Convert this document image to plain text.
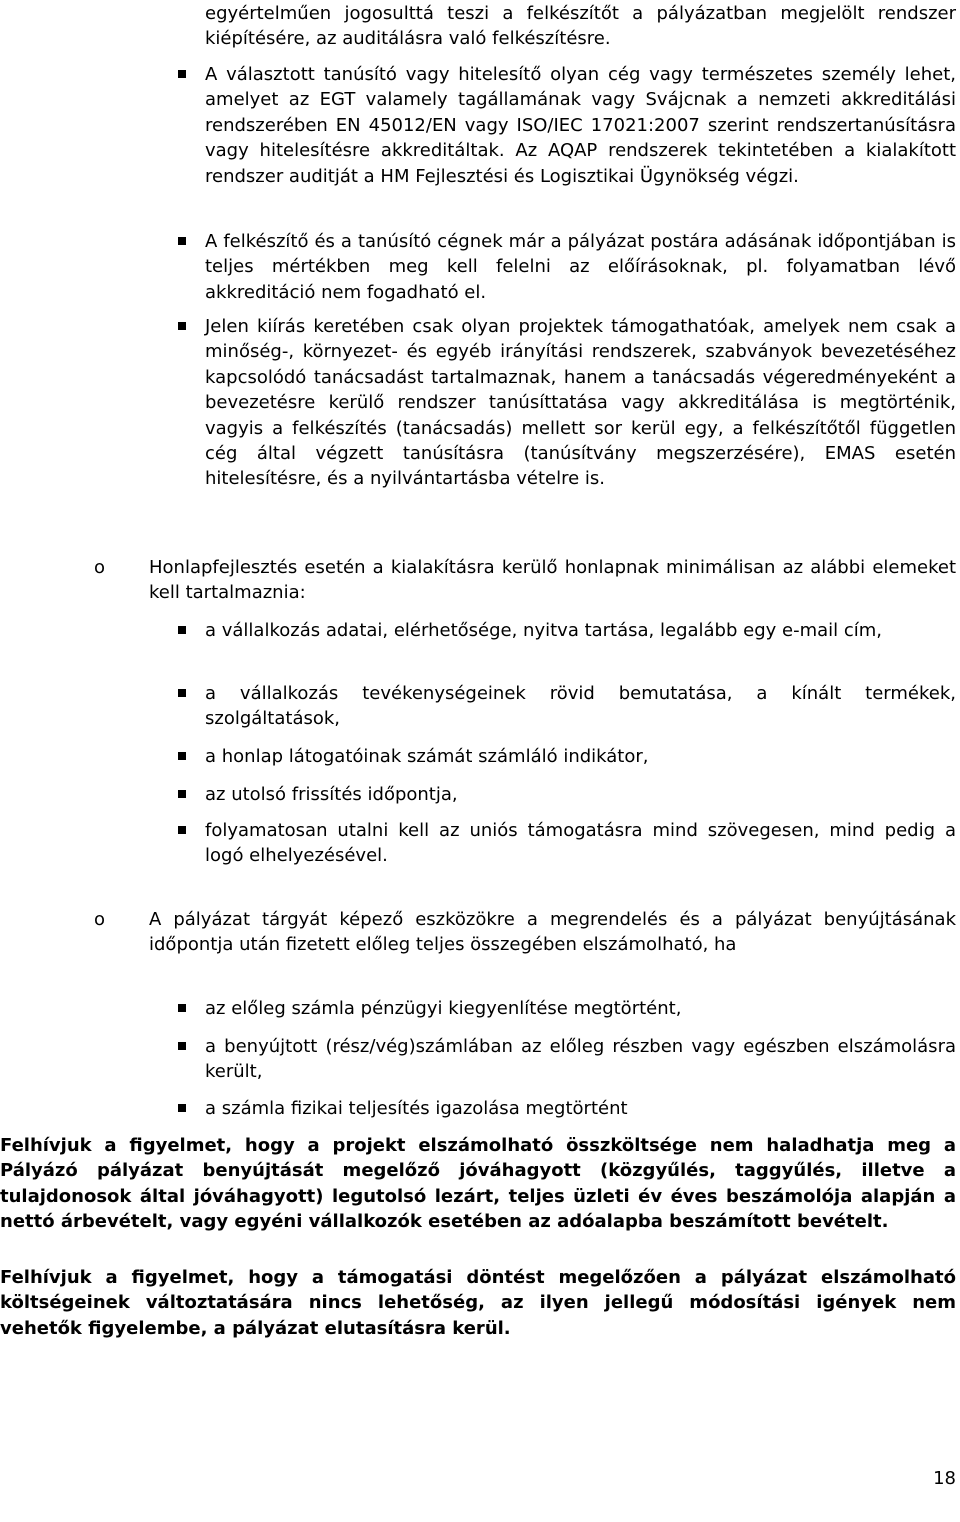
egyértelműen jogosulttá teszi a felkészítőt a pályázatban megjelölt rendszer kiépítésére, az auditálásra való felkészítésre.

A választott tanúsító vagy hitelesítő olyan cég vagy természetes személy lehet, amelyet az EGT valamely tagállamának vagy Svájcnak a nemzeti akkreditálási rendszerében EN 45012/EN vagy ISO/IEC 17021:2007 szerint rendszertanúsításra vagy hitelesítésre akkreditáltak. Az AQAP rendszerek tekintetében a kialakított rendszer auditját a HM Fejlesztési és Logisztikai Ügynökség végzi.

A felkészítő és a tanúsító cégnek már a pályázat postára adásának időpontjában is teljes mértékben meg kell felelni az előírásoknak, pl. folyamatban lévő akkreditáció nem fogadható el.

Jelen kiírás keretében csak olyan projektek támogathatóak, amelyek nem csak a minőség-, környezet- és egyéb irányítási rendszerek, szabványok bevezetéséhez kapcsolódó tanácsadást tartalmaznak, hanem a tanácsadás végeredményeként a bevezetésre kerülő rendszer tanúsíttatása vagy akkreditálása is megtörténik, vagyis a felkészítés (tanácsadás) mellett sor kerül egy, a felkészítőtől független cég által végzett tanúsításra (tanúsítvány megszerzésére), EMAS esetén hitelesítésre, és a nyilvántartásba vételre is.

o Honlapfejlesztés esetén a kialakításra kerülő honlapnak minimálisan az alábbi elemeket kell tartalmaznia:

a vállalkozás adatai, elérhetősége, nyitva tartása, legalább egy e-mail cím,

a vállalkozás tevékenységeinek rövid bemutatása, a kínált termékek, szolgáltatások,

a honlap látogatóinak számát számláló indikátor,

az utolsó frissítés időpontja,

folyamatosan utalni kell az uniós támogatásra mind szövegesen, mind pedig a logó elhelyezésével.

o A pályázat tárgyát képező eszközökre a megrendelés és a pályázat benyújtásának időpontja után fizetett előleg teljes összegében elszámolható, ha

az előleg számla pénzügyi kiegyenlítése megtörtént,

a benyújtott (rész/vég)számlában az előleg részben vagy egészben elszámolásra került,

a számla fizikai teljesítés igazolása megtörtént

Felhívjuk a figyelmet, hogy a projekt elszámolható összköltsége nem haladhatja meg a Pályázó pályázat benyújtását megelőző jóváhagyott (közgyűlés, taggyűlés, illetve a tulajdonosok által jóváhagyott) legutolsó lezárt, teljes üzleti év éves beszámolója alapján a nettó árbevételt, vagy egyéni vállalkozók esetében az adóalapba beszámított bevételt.

Felhívjuk a figyelmet, hogy a támogatási döntést megelőzően a pályázat elszámolható költségeinek változtatására nincs lehetőség, az ilyen jellegű módosítási igények nem vehetők figyelembe, a pályázat elutasításra kerül.

18
